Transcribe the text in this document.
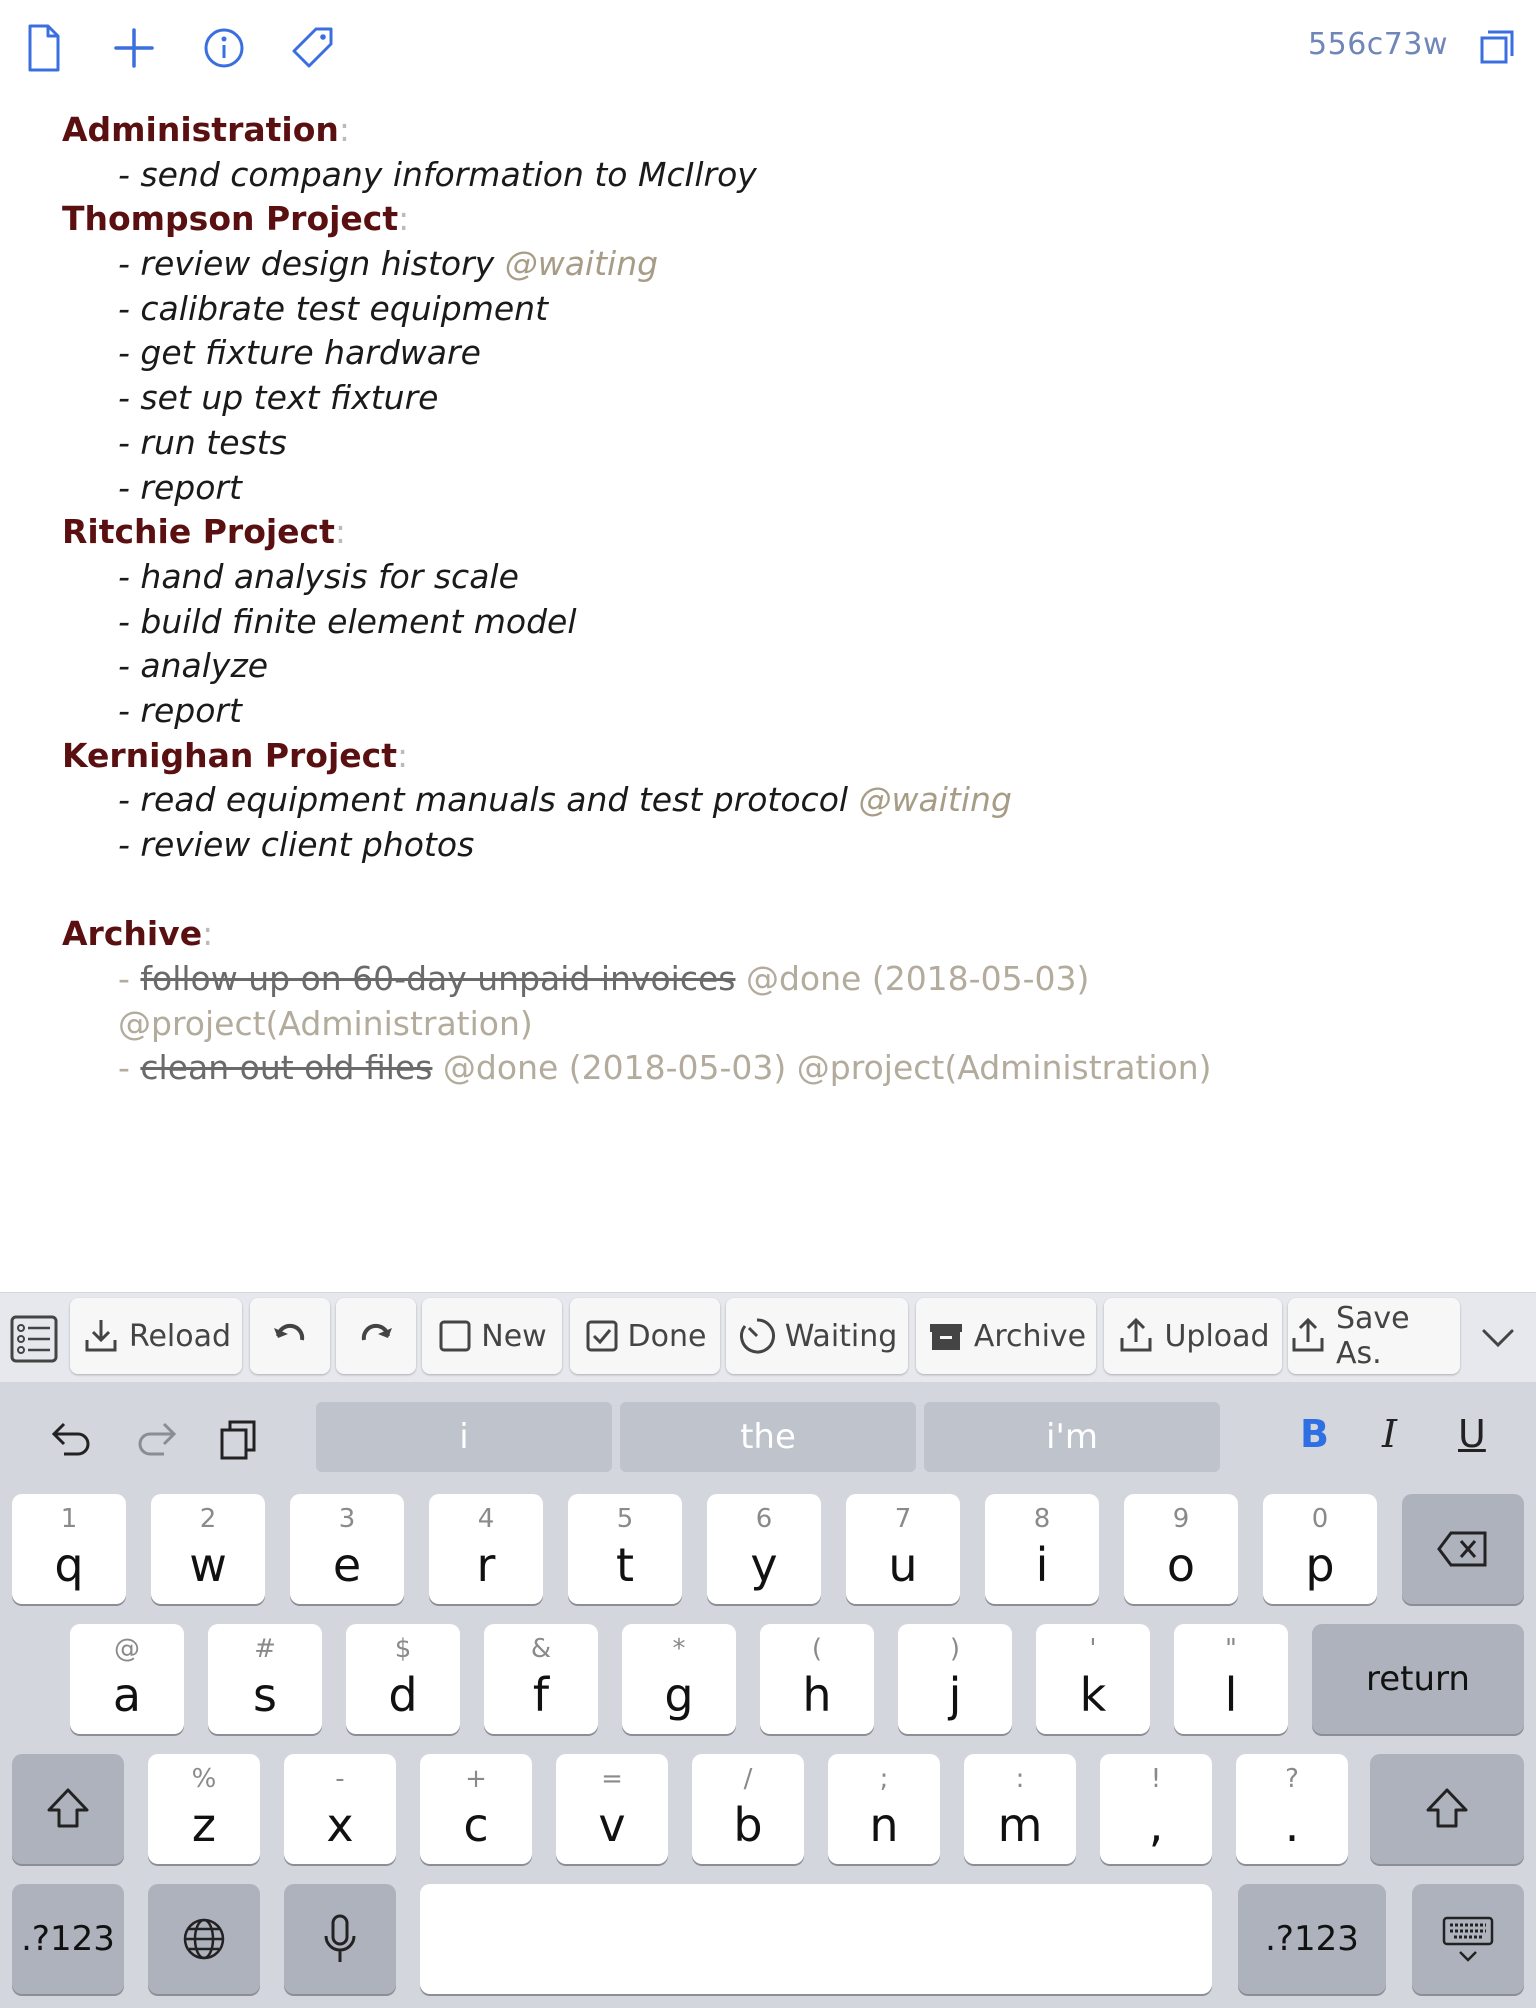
556c73w
Administration:
- send company information to McIlroy
Thompson Project:
- review design history @waiting
- calibrate test equipment
- get fixture hardware
- set up text fixture
- run tests
- report
Ritchie Project:
- hand analysis for scale
- build finite element model
- analyze
- report
Kernighan Project:
- read equipment manuals and test protocol @waiting
- review client photos
Archive:
- follow up on 60-day unpaid invoices @done (2018-05-03)
@project(Administration)
- clean out old files @done (2018-05-03) @project(Administration)
Reload	New	Done	Waiting	Archive	Upload Save As.
i	the	i'm	B I U
1
q
2
w
3
e
4
r
5
t
6
y
7
u
8
i
9
o
0
p
@
a
#
s
$
d
&
f
*
g
(
h
)
j
'
k
"
l	return
%
z
-
x
+
c
=
v
/
b
;
n
:
m
!
,
?
.
.?123	.?123
